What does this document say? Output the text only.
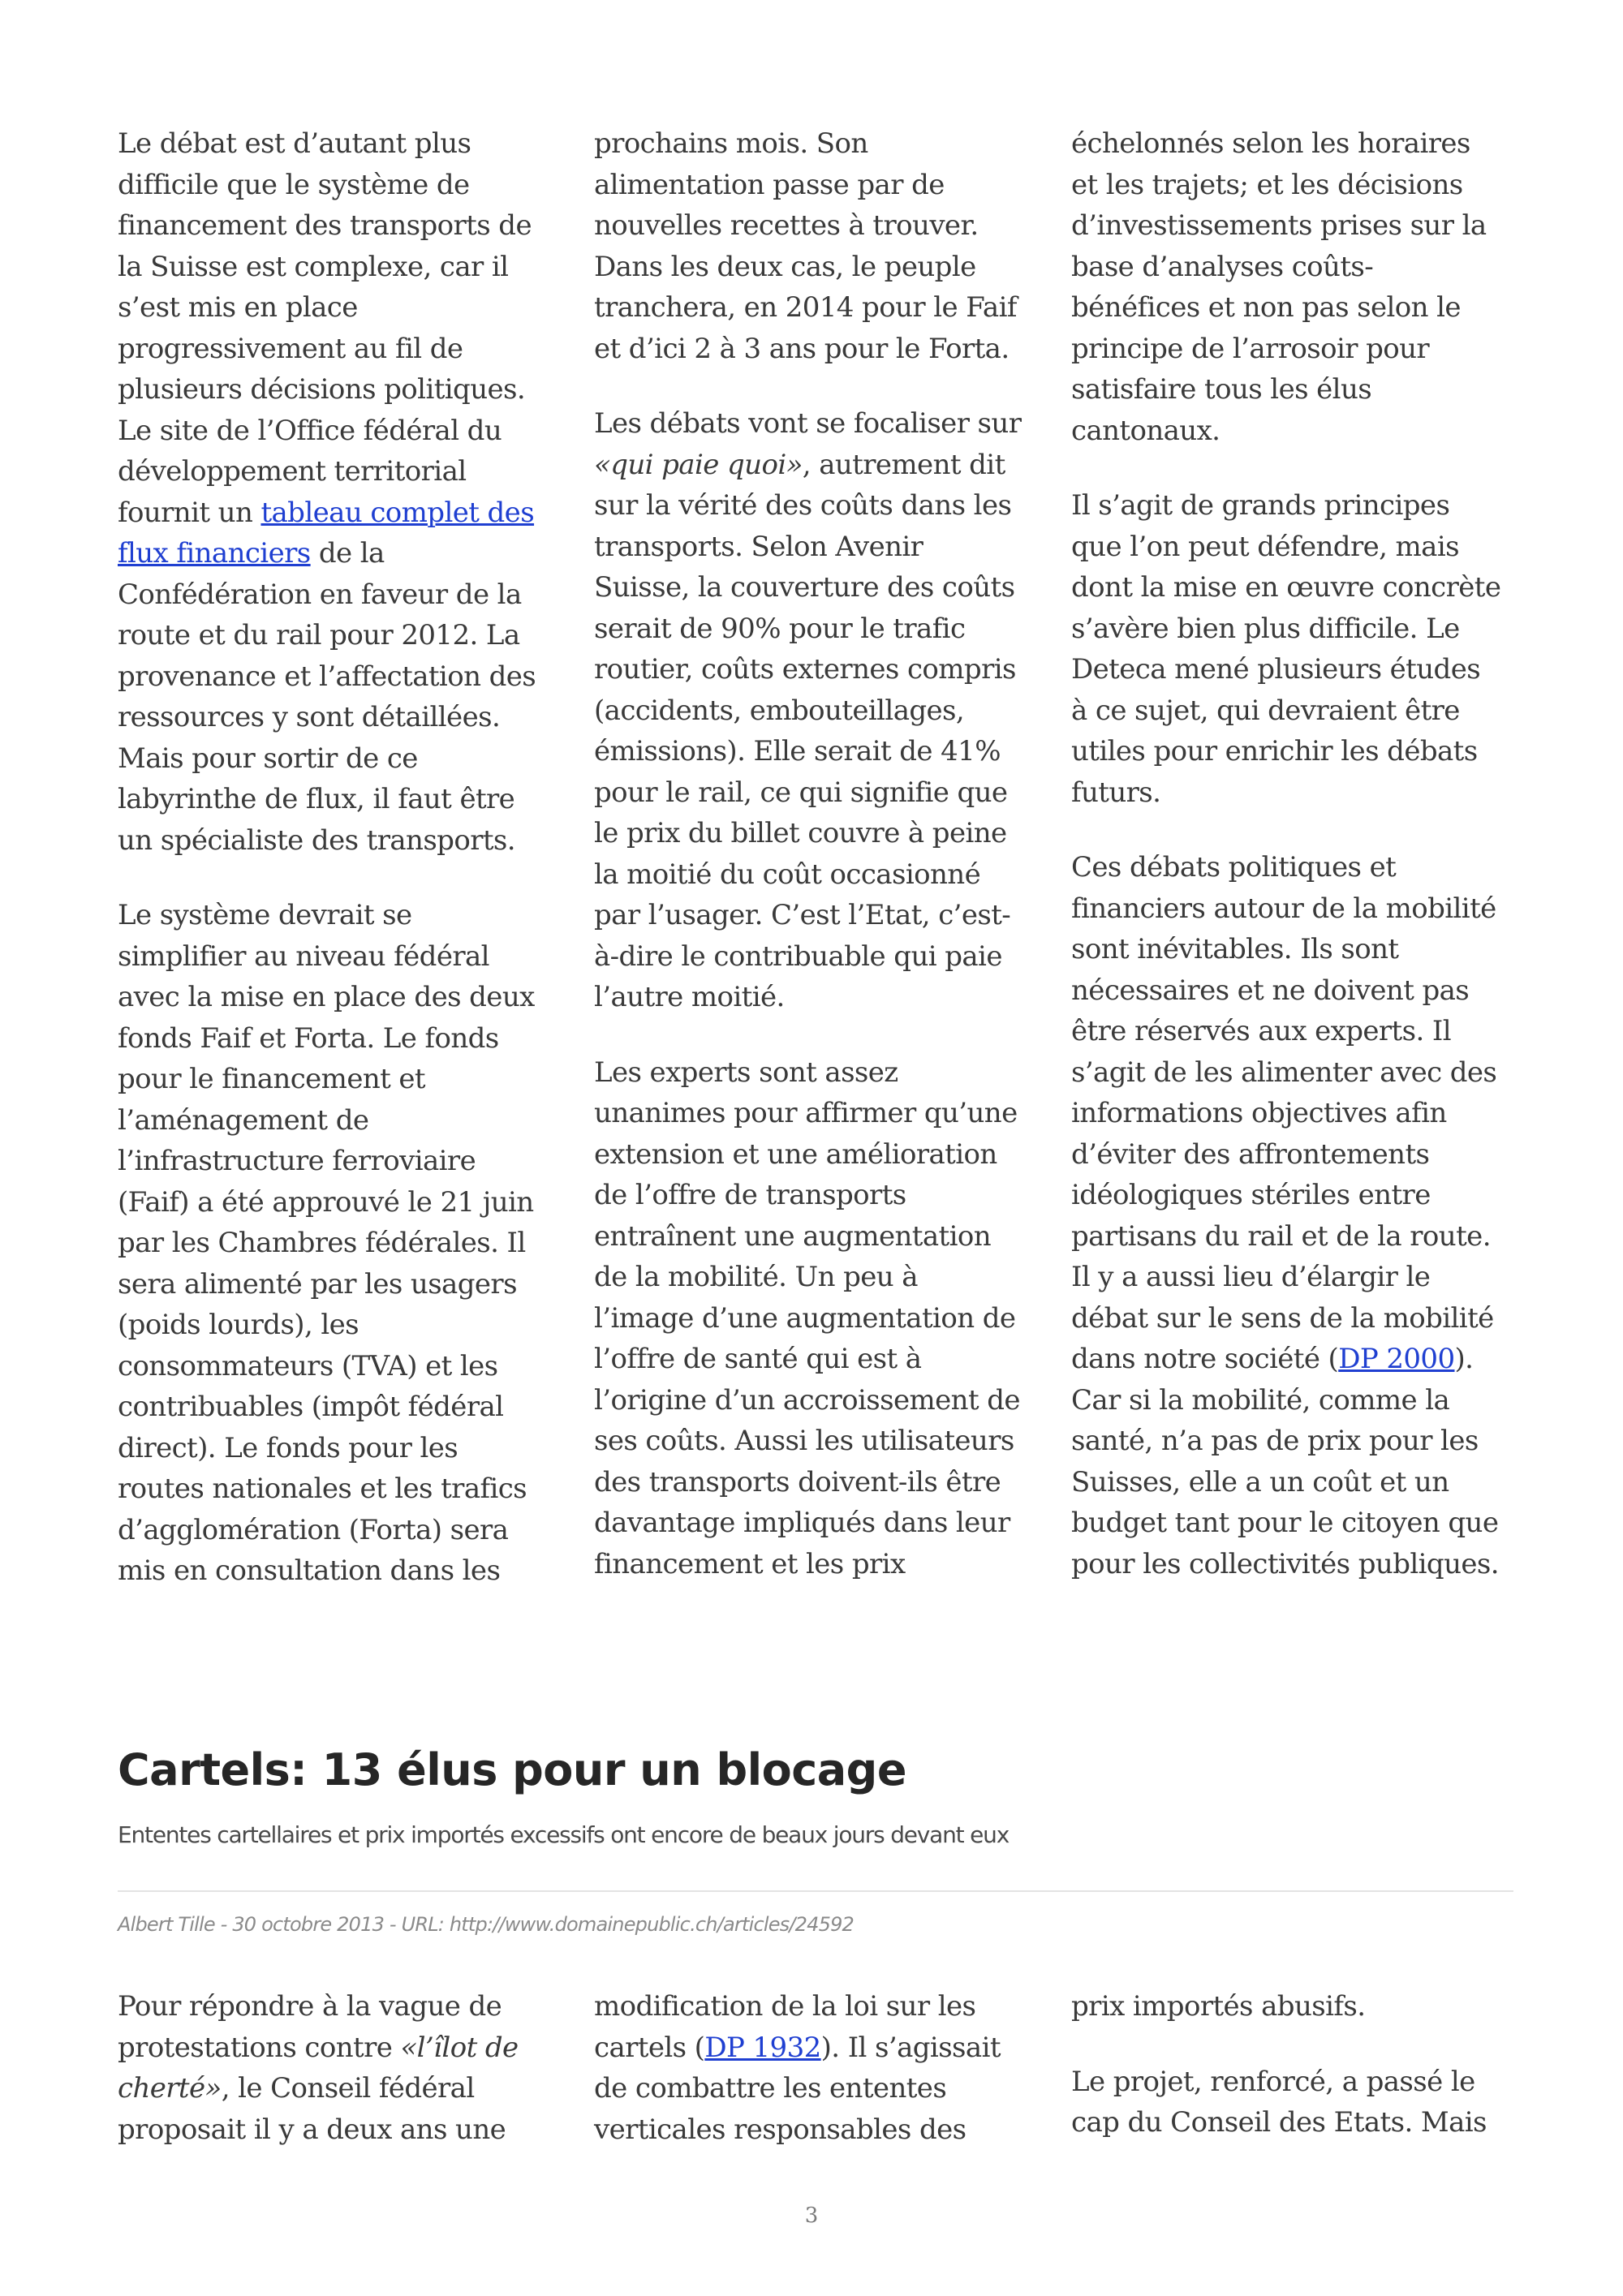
Le débat est d’autant plus difficile que le système de financement des transports de la Suisse est complexe, car il s’est mis en place progressivement au fil de plusieurs décisions politiques. Le site de l’Office fédéral du développement territorial fournit un tableau complet des flux financiers de la Confédération en faveur de la route et du rail pour 2012. La provenance et l’affectation des ressources y sont détaillées. Mais pour sortir de ce labyrinthe de flux, il faut être un spécialiste des transports.

Le système devrait se simplifier au niveau fédéral avec la mise en place des deux fonds Faif et Forta. Le fonds pour le financement et l’aménagement de l’infrastructure ferroviaire (Faif) a été approuvé le 21 juin par les Chambres fédérales. Il sera alimenté par les usagers (poids lourds), les consommateurs (TVA) et les contribuables (impôt fédéral direct). Le fonds pour les routes nationales et les trafics d’agglomération (Forta) sera mis en consultation dans les

prochains mois. Son alimentation passe par de nouvelles recettes à trouver. Dans les deux cas, le peuple tranchera, en 2014 pour le Faif et d’ici 2 à 3 ans pour le Forta.

Les débats vont se focaliser sur «qui paie quoi», autrement dit sur la vérité des coûts dans les transports. Selon Avenir Suisse, la couverture des coûts serait de 90% pour le trafic routier, coûts externes compris (accidents, embouteillages, émissions). Elle serait de 41% pour le rail, ce qui signifie que le prix du billet couvre à peine la moitié du coût occasionné par l’usager. C’est l’Etat, c’est-à-dire le contribuable qui paie l’autre moitié.

Les experts sont assez unanimes pour affirmer qu’une extension et une amélioration de l’offre de transports entraînent une augmentation de la mobilité. Un peu à l’image d’une augmentation de l’offre de santé qui est à l’origine d’un accroissement de ses coûts. Aussi les utilisateurs des transports doivent-ils être davantage impliqués dans leur financement et les prix

échelonnés selon les horaires et les trajets; et les décisions d’investissements prises sur la base d’analyses coûts-bénéfices et non pas selon le principe de l’arrosoir pour satisfaire tous les élus cantonaux.

Il s’agit de grands principes que l’on peut défendre, mais dont la mise en œuvre concrète s’avère bien plus difficile. Le Deteca mené plusieurs études à ce sujet, qui devraient être utiles pour enrichir les débats futurs.

Ces débats politiques et financiers autour de la mobilité sont inévitables. Ils sont nécessaires et ne doivent pas être réservés aux experts. Il s’agit de les alimenter avec des informations objectives afin d’éviter des affrontements idéologiques stériles entre partisans du rail et de la route. Il y a aussi lieu d’élargir le débat sur le sens de la mobilité dans notre société (DP 2000). Car si la mobilité, comme la santé, n’a pas de prix pour les Suisses, elle a un coût et un budget tant pour le citoyen que pour les collectivités publiques.

Cartels: 13 élus pour un blocage
Ententes cartellaires et prix importés excessifs ont encore de beaux jours devant eux
Albert Tille - 30 octobre 2013 - URL: http://www.domainepublic.ch/articles/24592

Pour répondre à la vague de protestations contre «l’îlot de cherté», le Conseil fédéral proposait il y a deux ans une

modification de la loi sur les cartels (DP 1932). Il s’agissait de combattre les ententes verticales responsables des

prix importés abusifs.

Le projet, renforcé, a passé le cap du Conseil des Etats. Mais

3
